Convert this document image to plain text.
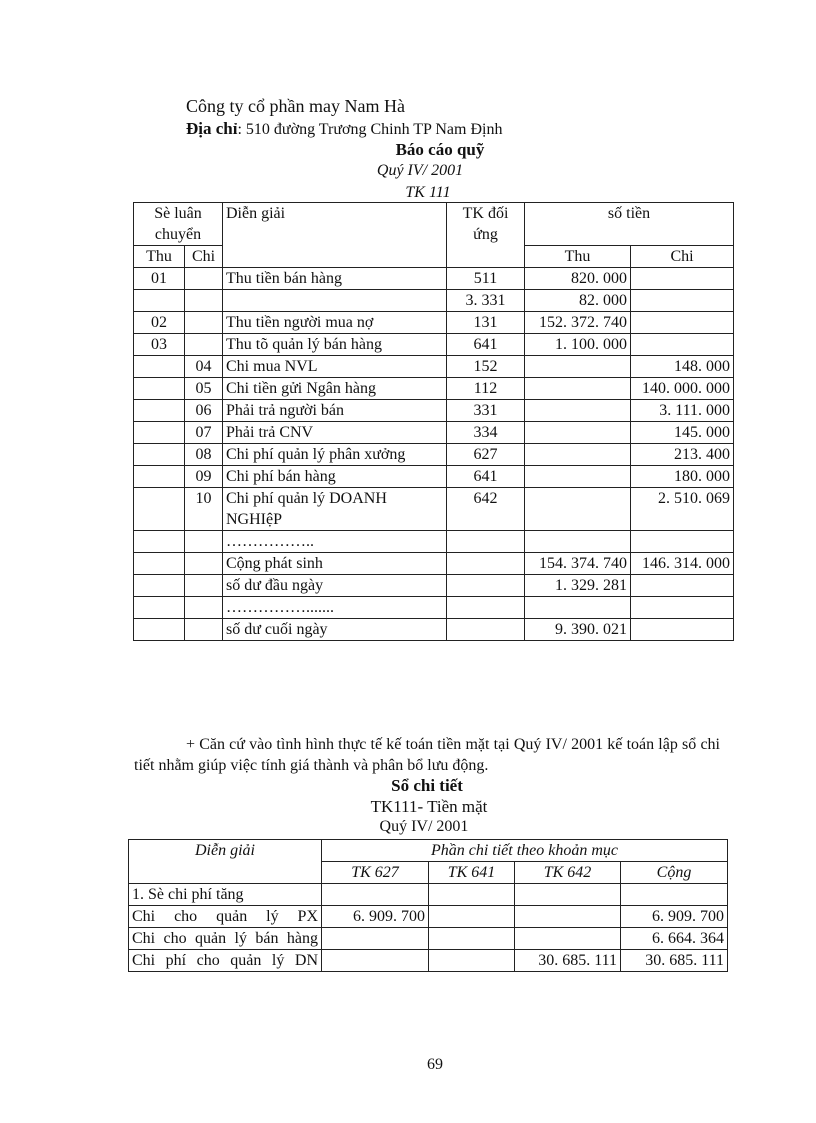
Công ty cổ phần may Nam Hà
Địa chỉ: 510 đường Trương Chinh TP Nam Định
Báo cáo quỹ
Quý IV/ 2001
TK 111
Sè luân chuyển		Diễn giải	TK đối ứng	số tiền	
Thu	Chi			Thu	Chi
01		Thu tiền bán hàng	511	820. 000	
			3. 331	82. 000	
02		Thu tiền người mua nợ	131	152. 372. 740	
03		Thu tõ quản lý bán hàng	641	1. 100. 000	
	04	Chi mua NVL	152		148. 000
	05	Chi tiền gửi Ngân hàng	112		140. 000. 000
	06	Phải trả người bán	331		3. 111. 000
	07	Phải trả CNV	334		145. 000
	08	Chi phí quản lý phân xưởng	627		213. 400
	09	Chi phí bán hàng	641		180. 000
	10	Chi phí quản lý DOANH NGHIệP	642		2. 510. 069
		……………..			
		Cộng phát sinh		154. 374. 740	146. 314. 000
		số dư đầu ngày		1. 329. 281	
		…………….......			
		số dư cuối ngày		9. 390. 021	
+ Căn cứ vào tình hình thực tế kế toán tiền mặt tại Quý IV/ 2001 kế toán lập sổ chi tiết nhằm giúp việc tính giá thành và phân bổ lưu động.
Sổ chi tiết
TK111- Tiền mặt
Quý IV/ 2001
Diễn giải	Phần chi tiết theo khoản mục			
	TK 627	TK 641	TK 642	Cộng
1. Sè chi phí tăng				
Chi cho quản lý PX	6. 909. 700			6. 909. 700
Chi cho quản lý bán hàng				6. 664. 364
Chi phí cho quản lý DN			30. 685. 111	30. 685. 111
69
